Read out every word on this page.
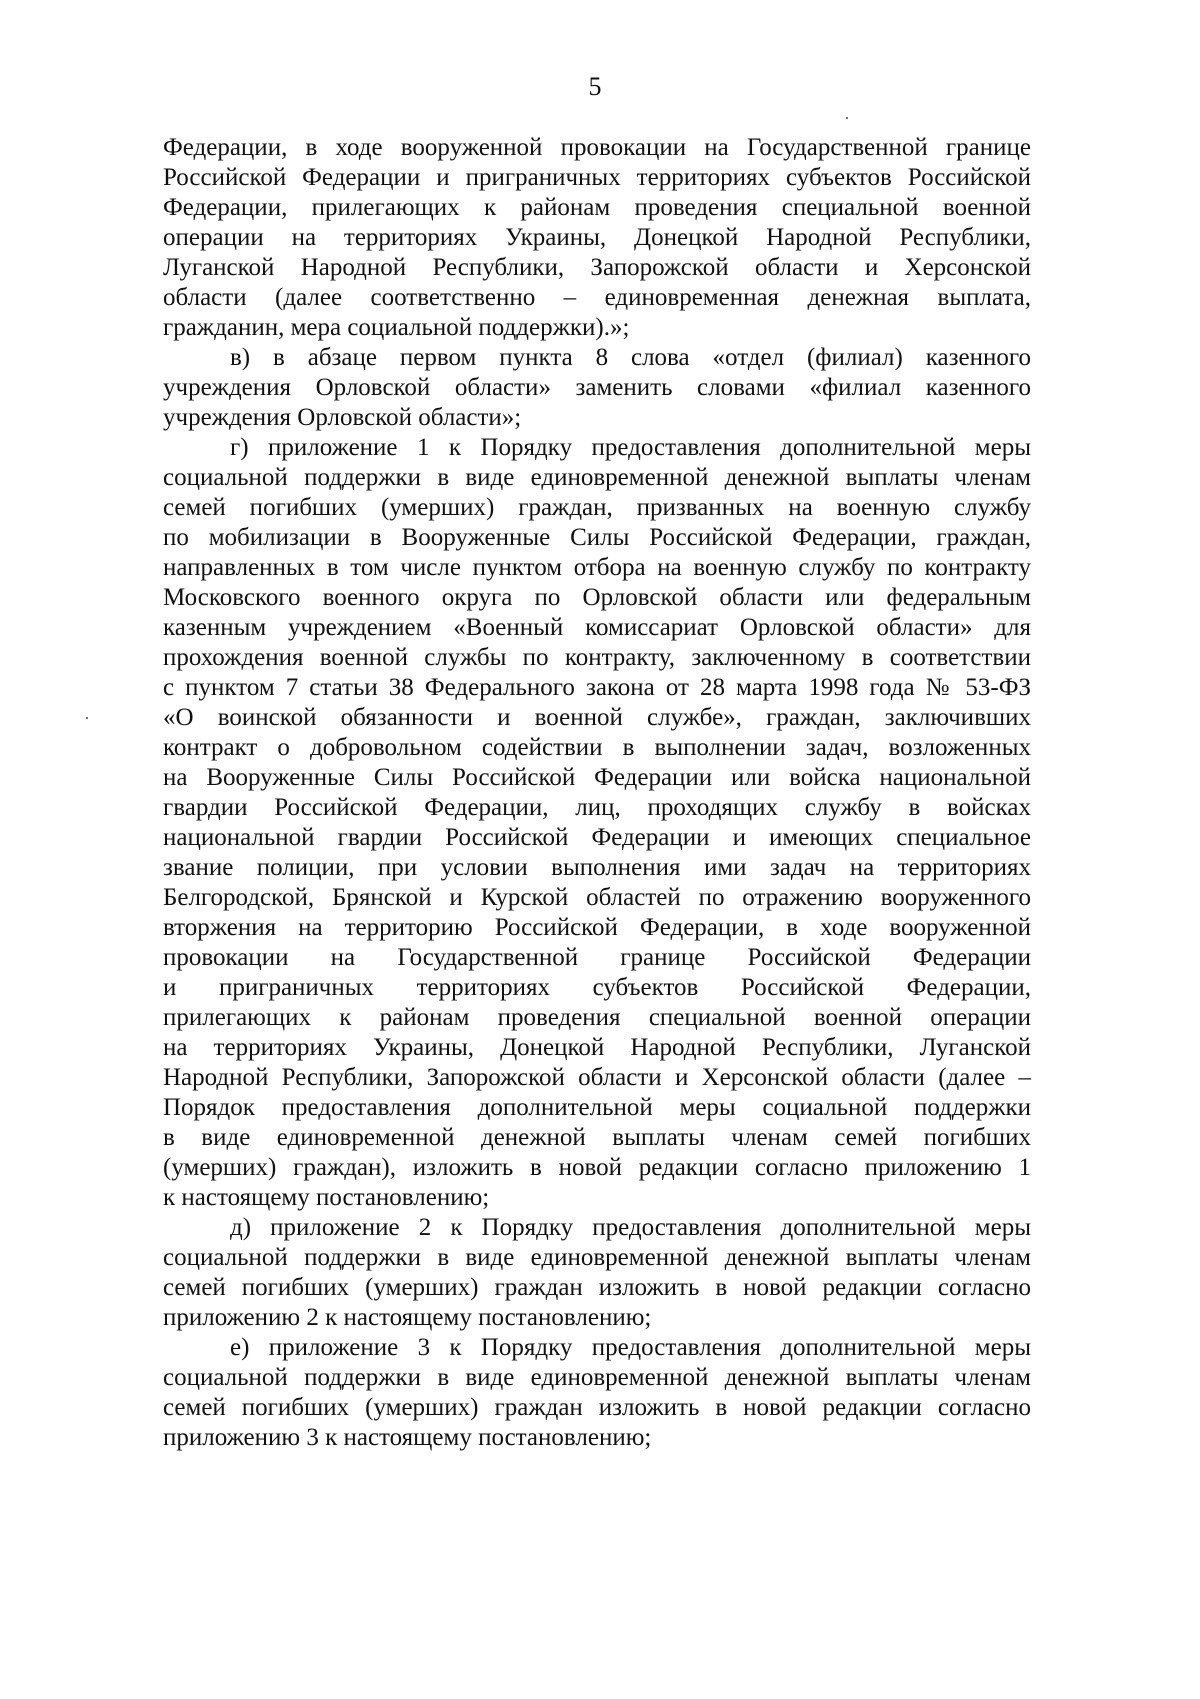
5
Федерации, в ходе вооруженной провокации на Государственной границе
Российской Федерации и приграничных территориях субъектов Российской
Федерации, прилегающих к районам проведения специальной военной
операции на территориях Украины, Донецкой Народной Республики,
Луганской Народной Республики, Запорожской области и Херсонской
области (далее соответственно – единовременная денежная выплата,
гражданин, мера социальной поддержки).»;
в) в абзаце первом пункта 8 слова «отдел (филиал) казенного
учреждения Орловской области» заменить словами «филиал казенного
учреждения Орловской области»;
г) приложение 1 к Порядку предоставления дополнительной меры
социальной поддержки в виде единовременной денежной выплаты членам
семей погибших (умерших) граждан, призванных на военную службу
по мобилизации в Вооруженные Силы Российской Федерации, граждан,
направленных в том числе пунктом отбора на военную службу по контракту
Московского военного округа по Орловской области или федеральным
казенным учреждением «Военный комиссариат Орловской области» для
прохождения военной службы по контракту, заключенному в соответствии
с пунктом 7 статьи 38 Федерального закона от 28 марта 1998 года № 53-ФЗ
«О воинской обязанности и военной службе», граждан, заключивших
контракт о добровольном содействии в выполнении задач, возложенных
на Вооруженные Силы Российской Федерации или войска национальной
гвардии Российской Федерации, лиц, проходящих службу в войсках
национальной гвардии Российской Федерации и имеющих специальное
звание полиции, при условии выполнения ими задач на территориях
Белгородской, Брянской и Курской областей по отражению вооруженного
вторжения на территорию Российской Федерации, в ходе вооруженной
провокации на Государственной границе Российской Федерации
и приграничных территориях субъектов Российской Федерации,
прилегающих к районам проведения специальной военной операции
на территориях Украины, Донецкой Народной Республики, Луганской
Народной Республики, Запорожской области и Херсонской области (далее –
Порядок предоставления дополнительной меры социальной поддержки
в виде единовременной денежной выплаты членам семей погибших
(умерших) граждан), изложить в новой редакции согласно приложению 1
к настоящему постановлению;
д) приложение 2 к Порядку предоставления дополнительной меры
социальной поддержки в виде единовременной денежной выплаты членам
семей погибших (умерших) граждан изложить в новой редакции согласно
приложению 2 к настоящему постановлению;
е) приложение 3 к Порядку предоставления дополнительной меры
социальной поддержки в виде единовременной денежной выплаты членам
семей погибших (умерших) граждан изложить в новой редакции согласно
приложению 3 к настоящему постановлению;
